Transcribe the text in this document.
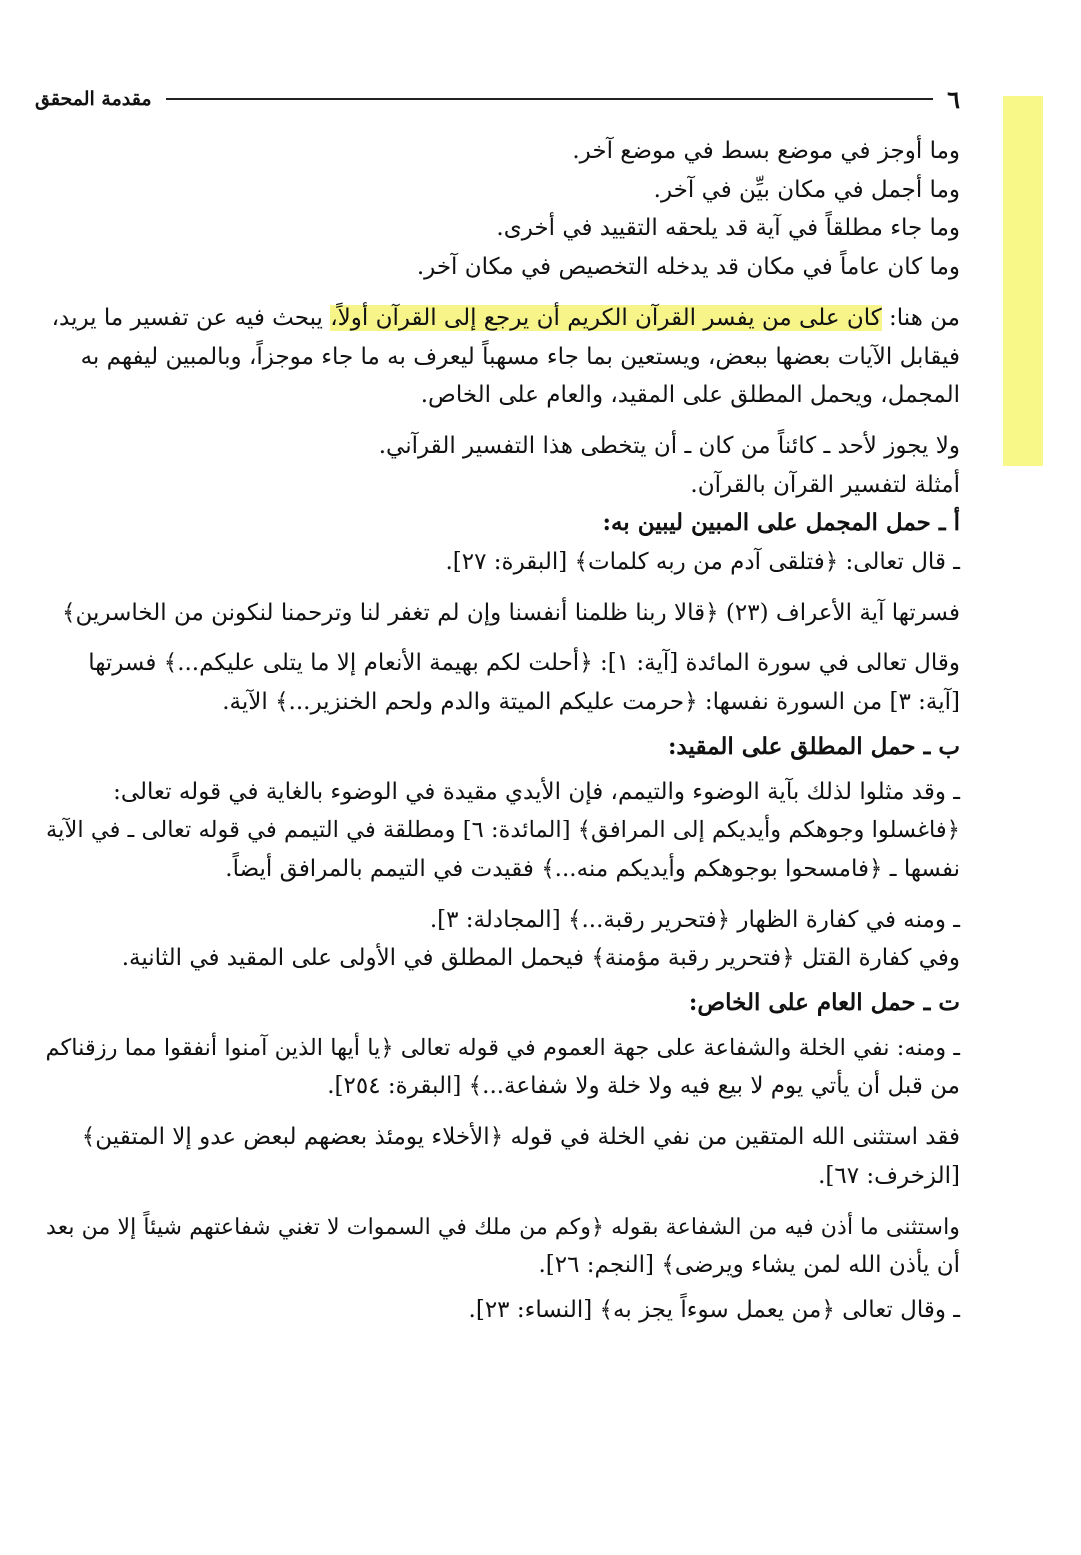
مقدمة المحقق	٦
وما أوجز في موضع بسط في موضع آخر.
وما أجمل في مكان بيِّن في آخر.
وما جاء مطلقاً في آية قد يلحقه التقييد في أخرى.
وما كان عاماً في مكان قد يدخله التخصيص في مكان آخر.
من هنا: كان على من يفسر القرآن الكريم أن يرجع إلى القرآن أولاً، يبحث فيه عن تفسير ما يريد،
فيقابل الآيات بعضها ببعض، ويستعين بما جاء مسهباً ليعرف به ما جاء موجزاً، وبالمبين ليفهم به
المجمل، ويحمل المطلق على المقيد، والعام على الخاص.
ولا يجوز لأحد ـ كائناً من كان ـ أن يتخطى هذا التفسير القرآني.
أمثلة لتفسير القرآن بالقرآن.
أ ـ حمل المجمل على المبين ليبين به:
ـ قال تعالى: ﴿فتلقى آدم من ربه كلمات﴾ [البقرة: ٢٧].
فسرتها آية الأعراف (٢٣) ﴿قالا ربنا ظلمنا أنفسنا وإن لم تغفر لنا وترحمنا لنكونن من الخاسرين﴾
وقال تعالى في سورة المائدة [آية: ١]: ﴿أحلت لكم بهيمة الأنعام إلا ما يتلى عليكم...﴾ فسرتها
[آية: ٣] من السورة نفسها: ﴿حرمت عليكم الميتة والدم ولحم الخنزير...﴾ الآية.
ب ـ حمل المطلق على المقيد:
ـ وقد مثلوا لذلك بآية الوضوء والتيمم، فإن الأيدي مقيدة في الوضوء بالغاية في قوله تعالى:
﴿فاغسلوا وجوهكم وأيديكم إلى المرافق﴾ [المائدة: ٦] ومطلقة في التيمم في قوله تعالى ـ في الآية
نفسها ـ ﴿فامسحوا بوجوهكم وأيديكم منه...﴾ فقيدت في التيمم بالمرافق أيضاً.
ـ ومنه في كفارة الظهار ﴿فتحرير رقبة...﴾ [المجادلة: ٣].
وفي كفارة القتل ﴿فتحرير رقبة مؤمنة﴾ فيحمل المطلق في الأولى على المقيد في الثانية.
ت ـ حمل العام على الخاص:
ـ ومنه: نفي الخلة والشفاعة على جهة العموم في قوله تعالى ﴿يا أيها الذين آمنوا أنفقوا مما رزقناكم
من قبل أن يأتي يوم لا بيع فيه ولا خلة ولا شفاعة...﴾ [البقرة: ٢٥٤].
فقد استثنى الله المتقين من نفي الخلة في قوله ﴿الأخلاء يومئذ بعضهم لبعض عدو إلا المتقين﴾
[الزخرف: ٦٧].
واستثنى ما أذن فيه من الشفاعة بقوله ﴿وكم من ملك في السموات لا تغني شفاعتهم شيئاً إلا من بعد
أن يأذن الله لمن يشاء ويرضى﴾ [النجم: ٢٦].
ـ وقال تعالى ﴿من يعمل سوءاً يجز به﴾ [النساء: ٢٣].
